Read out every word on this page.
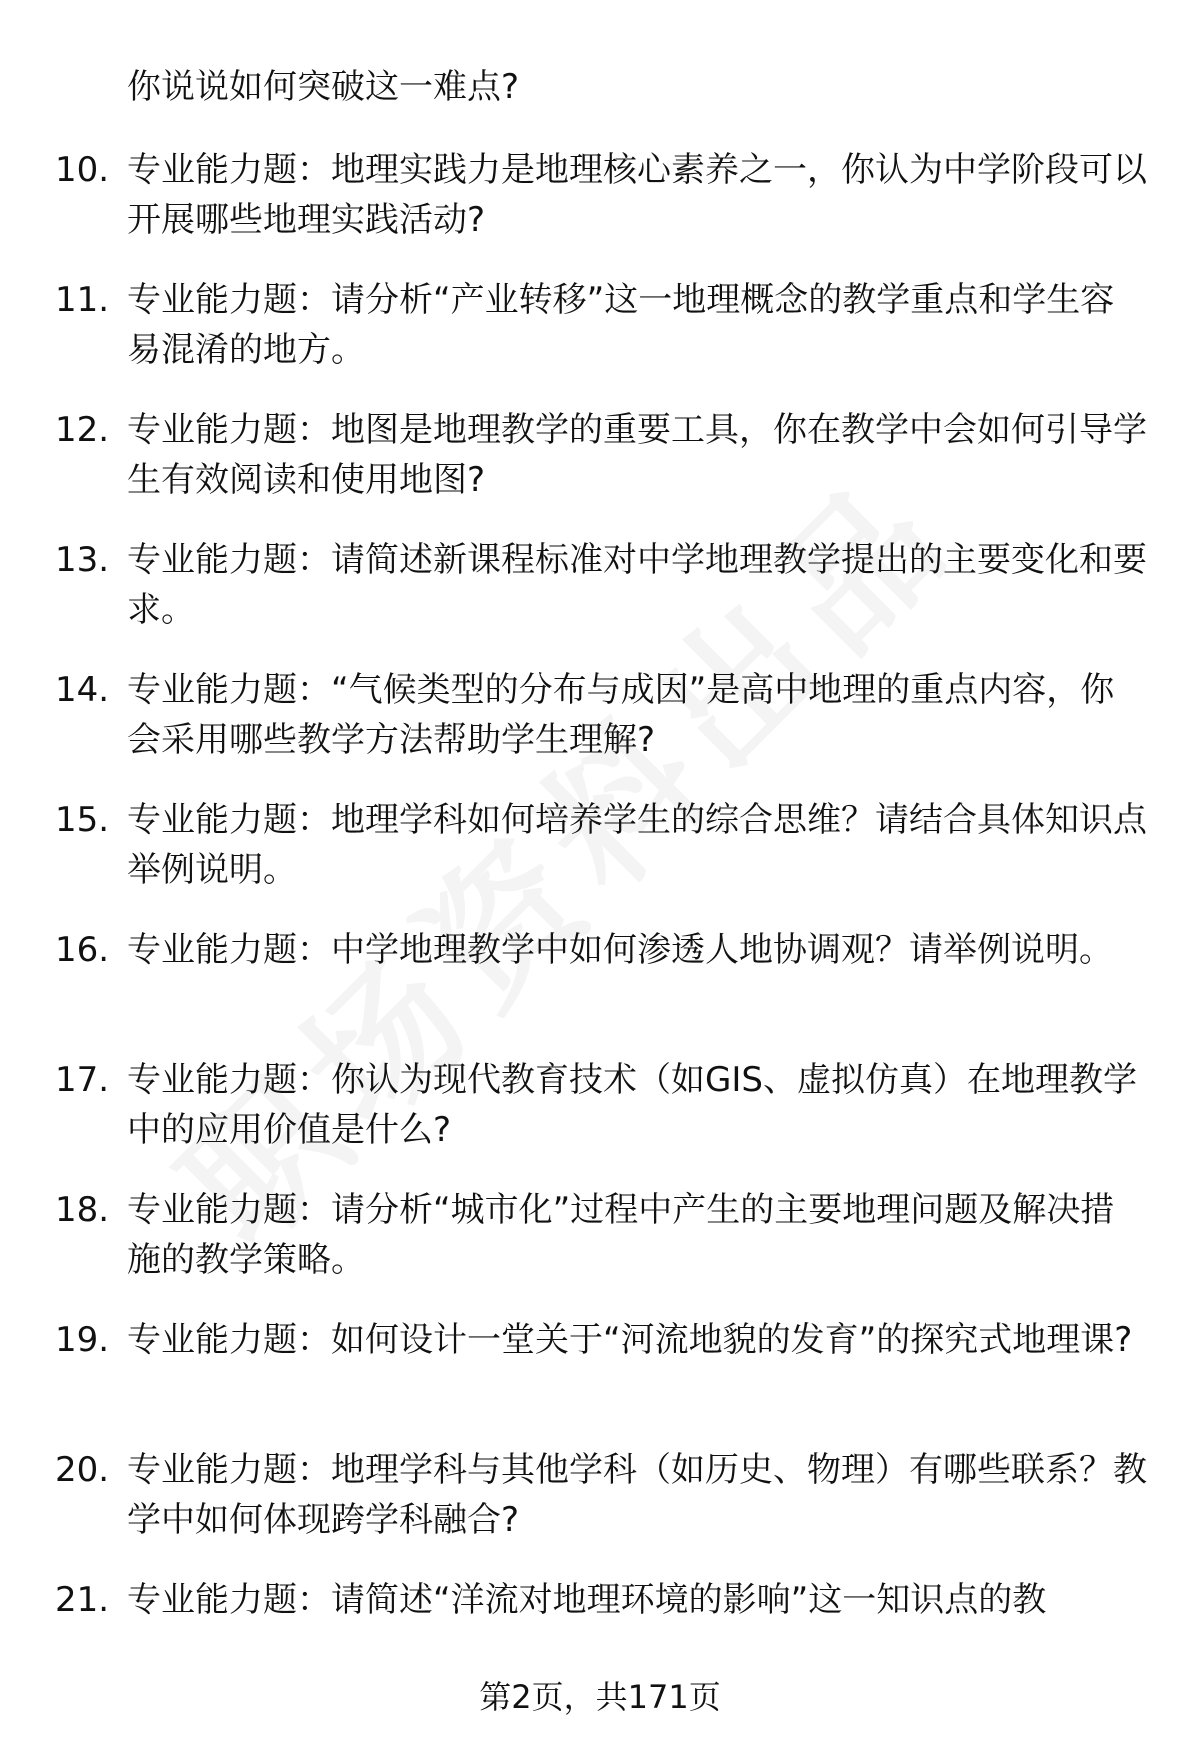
你说说如何突破这一难点?
10. 专业能力题：地理实践力是地理核心素养之一，你认为中学阶段可以开展哪些地理实践活动?
11. 专业能力题：请分析“产业转移”这一地理概念的教学重点和学生容易混淆的地方。
12. 专业能力题：地图是地理教学的重要工具，你在教学中会如何引导学生有效阅读和使用地图?
13. 专业能力题：请简述新课程标准对中学地理教学提出的主要变化和要求。
14. 专业能力题：“气候类型的分布与成因”是高中地理的重点内容，你会采用哪些教学方法帮助学生理解?
15. 专业能力题：地理学科如何培养学生的综合思维？请结合具体知识点举例说明。
16. 专业能力题：中学地理教学中如何渗透人地协调观？请举例说明。
17. 专业能力题：你认为现代教育技术（如GIS、虚拟仿真）在地理教学中的应用价值是什么?
18. 专业能力题：请分析“城市化”过程中产生的主要地理问题及解决措施的教学策略。
19. 专业能力题：如何设计一堂关于“河流地貌的发育”的探究式地理课?
20. 专业能力题：地理学科与其他学科（如历史、物理）有哪些联系？教学中如何体现跨学科融合?
21. 专业能力题：请简述“洋流对地理环境的影响”这一知识点的教
第2页，共171页
